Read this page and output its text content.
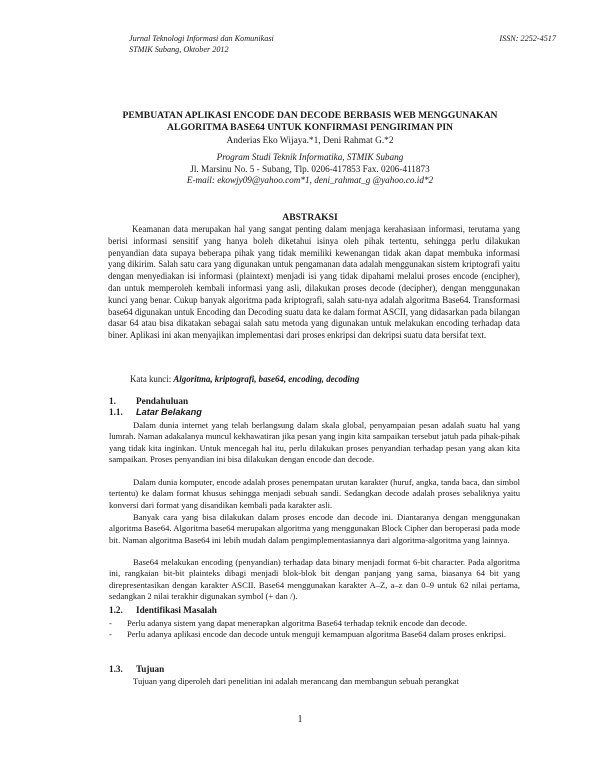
Jurnal Teknologi Informasi dan Komunikasi
STMIK Subang, Oktober 2012
ISSN: 2252-4517
PEMBUATAN APLIKASI ENCODE DAN DECODE BERBASIS WEB MENGGUNAKAN
ALGORITMA BASE64 UNTUK KONFIRMASI PENGIRIMAN PIN
Anderias Eko Wijaya.*1, Deni Rahmat G.*2
Program Studi Teknik Informatika, STMIK Subang
Jl. Marsinu No. 5 - Subang, Tlp. 0206-417853 Fax. 0206-411873
E-mail: ekowjy09@yahoo.com*1, deni_rahmat_g @yahoo.co.id*2
ABSTRAKSI

Keamanan data merupakan hal yang sangat penting dalam menjaga kerahasiaan informasi, terutama yang berisi informasi sensitif yang hanya boleh diketahui isinya oleh pihak tertentu, sehingga perlu dilakukan penyandian data supaya beberapa pihak yang tidak memiliki kewenangan tidak akan dapat membuka informasi yang dikirim. Salah satu cara yang digunakan untuk pengamanan data adalah menggunakan sistem kriptografi yaitu dengan menyediakan isi informasi (plaintext) menjadi isi yang tidak dipahami melalui proses encode (encipher), dan untuk memperoleh kembali informasi yang asli, dilakukan proses decode (decipher), dengan menggunakan kunci yang benar. Cukup banyak algoritma pada kriptografi, salah satu-nya adalah algoritma Base64. Transformasi base64 digunakan untuk Encoding dan Decoding suatu data ke dalam format ASCII, yang didasarkan pada bilangan dasar 64 atau bisa dikatakan sebagai salah satu metoda yang digunakan untuk melakukan encoding terhadap data biner. Aplikasi ini akan menyajikan implementasi dari proses enkripsi dan dekripsi suatu data bersifat text.

Kata kunci: Algoritma, kriptografi, base64, encoding, decoding
1. Pendahuluan
1.1. Latar Belakang

Dalam dunia internet yang telah berlangsung dalam skala global, penyampaian pesan adalah suatu hal yang lumrah. Naman adakalanya muncul kekhawatiran jika pesan yang ingin kita sampaikan tersebut jatuh pada pihak-pihak yang tidak kita inginkan. Untuk mencegah hal itu, perlu dilakukan proses penyandian terhadap pesan yang akan kita sampaikan. Proses penyandian ini bisa dilakukan dengan encode dan decode.

Dalam dunia komputer, encode adalah proses penempatan urutan karakter (huruf, angka, tanda baca, dan simbol tertentu) ke dalam format khusus sehingga menjadi sebuah sandi. Sedangkan decode adalah proses sebaliknya yaitu konversi dari format yang disandikan kembali pada karakter asli.

Banyak cara yang bisa dilakukan dalam proses encode dan decode ini. Diantaranya dengan menggunakan algoritma Base64. Algoritma base64 merupakan algoritma yang menggunakan Block Cipher dan beroperasi pada mode bit. Naman algoritma Base64 ini lebih mudah dalam pengimplementasiannya dari algoritma-algoritma yang lainnya.

Base64 melakukan encoding (penyandian) terhadap data binary menjadi format 6-bit character. Pada algoritma ini, rangkaian bit-bit plainteks dibagi menjadi blok-blok bit dengan panjang yang sama, biasanya 64 bit yang direpresentasikan dengan karakter ASCII. Base64 menggunakan karakter A–Z, a–z dan 0–9 untuk 62 nilai pertama, sedangkan 2 nilai terakhir digunakan symbol (+ dan /).

1.2. Identifikasi Masalah
- Perlu adanya sistem yang dapat menerapkan algoritma Base64 terhadap teknik encode dan decode.
- Perlu adanya aplikasi encode dan decode untuk menguji kemampuan algoritma Base64 dalam proses enkripsi.
1.3. Tujuan

Tujuan yang diperoleh dari penelitian ini adalah merancang dan membangun sebuah perangkat

1
